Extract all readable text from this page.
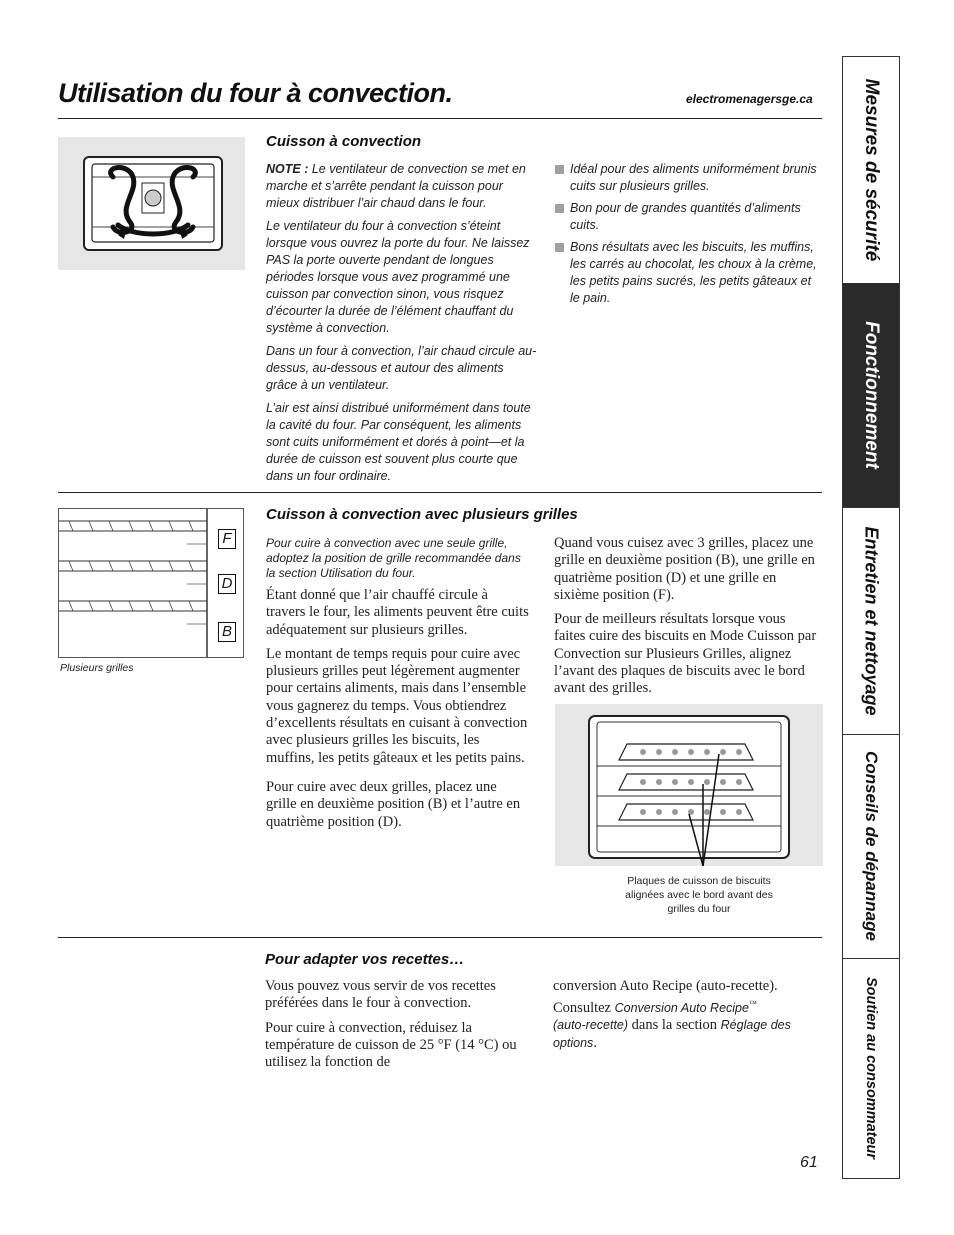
Utilisation du four à convection.	electromenagersge.ca
Cuisson à convection

NOTE : Le ventilateur de convection se met en marche et s’arrête pendant la cuisson pour mieux distribuer l’air chaud dans le four.

Le ventilateur du four à convection s’éteint lorsque vous ouvrez la porte du four. Ne laissez PAS la porte ouverte pendant de longues périodes lorsque vous avez programmé une cuisson par convection sinon, vous risquez d’écourter la durée de l’élément chauffant du système à convection.

Dans un four à convection, l’air chaud circule au-dessus, au-dessous et autour des aliments grâce à un ventilateur.

L’air est ainsi distribué uniformément dans toute la cavité du four. Par conséquent, les aliments sont cuits uniformément et dorés à point—et la durée de cuisson est souvent plus courte que dans un four ordinaire.

Idéal pour des aliments uniformément brunis cuits sur plusieurs grilles.
Bon pour de grandes quantités d’aliments cuits.
Bons résultats avec les biscuits, les muffins, les carrés au chocolat, les choux à la crème, les petits pains sucrés, les petits gâteaux et le pain.
F
D
B
Plusieurs grilles
Cuisson à convection avec plusieurs grilles
Pour cuire à convection avec une seule grille, adoptez la position de grille recommandée dans la section Utilisation du four.

Étant donné que l’air chauffé circule à travers le four, les aliments peuvent être cuits adéquatement sur plusieurs grilles.

Le montant de temps requis pour cuire avec plusieurs grilles peut légèrement augmenter pour certains aliments, mais dans l’ensemble vous gagnerez du temps. Vous obtiendrez d’excellents résultats en cuisant à convection avec plusieurs grilles les biscuits, les muffins, les petits gâteaux et les petits pains.

Pour cuire avec deux grilles, placez une grille en deuxième position (B) et l’autre en quatrième position (D).

Quand vous cuisez avec 3 grilles, placez une grille en deuxième position (B), une grille en quatrième position (D) et une grille en sixième position (F).

Pour de meilleurs résultats lorsque vous faites cuire des biscuits en Mode Cuisson par Convection sur Plusieurs Grilles, alignez l’avant des plaques de biscuits avec le bord avant des grilles.

Plaques de cuisson de biscuits alignées avec le bord avant des grilles du four
Pour adapter vos recettes…

Vous pouvez vous servir de vos recettes préférées dans le four à convection.

Pour cuire à convection, réduisez la température de cuisson de 25 °F (14 °C) ou utilisez la fonction de

conversion Auto Recipe (auto-recette). Consultez Conversion Auto Recipe™
(auto-recette) dans la section Réglage des options.

Mesures de sécurité
Fonctionnement
Entretien et nettoyage
Conseils de dépannage
Soutien au consommateur
61
